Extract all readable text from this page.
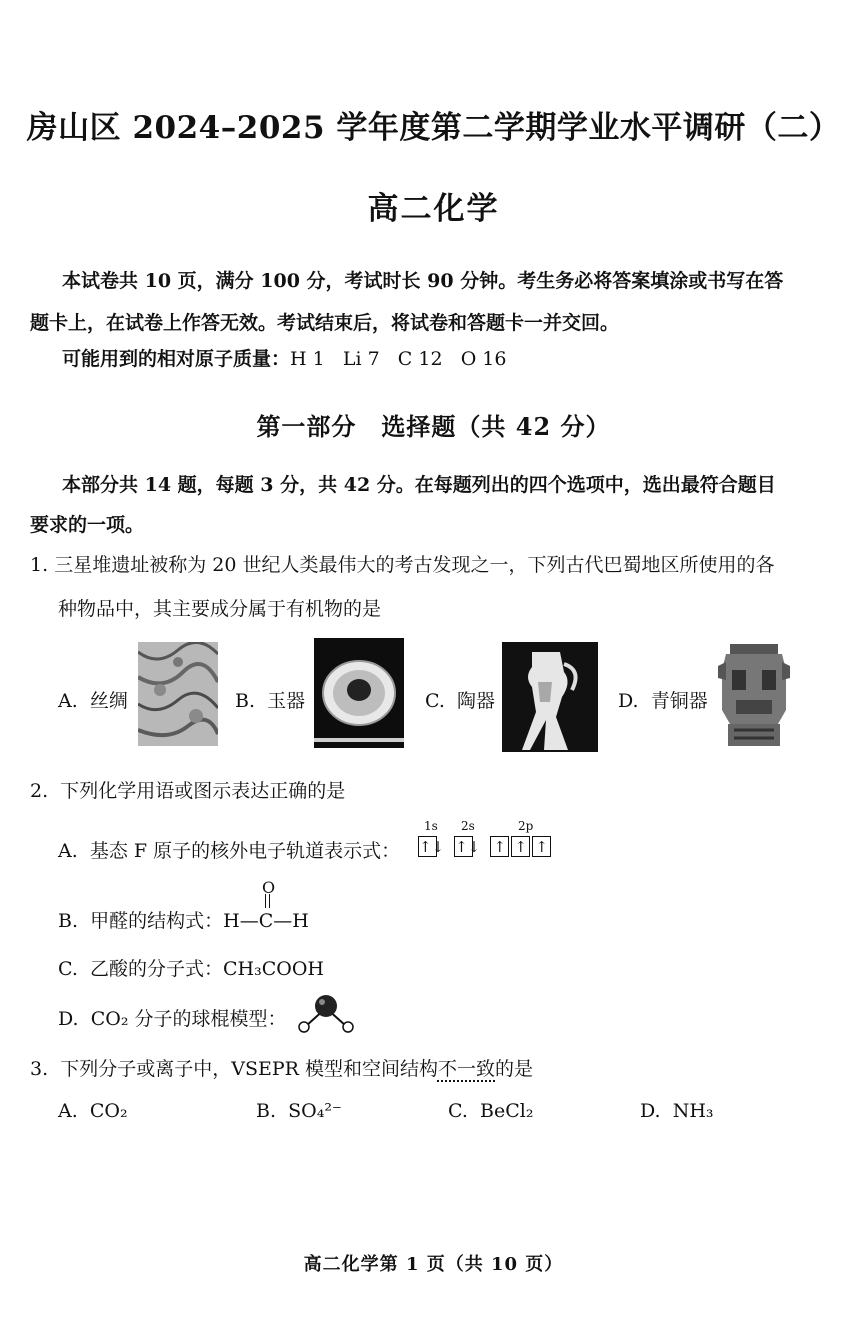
房山区 2024–2025 学年度第二学期学业水平调研（二）
高二化学
本试卷共 10 页，满分 100 分，考试时长 90 分钟。考生务必将答案填涂或书写在答
题卡上，在试卷上作答无效。考试结束后，将试卷和答题卡一并交回。
可能用到的相对原子质量：H 1 Li 7 C 12 O 16
第一部分　选择题（共 42 分）
本部分共 14 题，每题 3 分，共 42 分。在每题列出的四个选项中，选出最符合题目
要求的一项。
1. 三星堆遗址被称为 20 世纪人类最伟大的考古发现之一，下列古代巴蜀地区所使用的各
种物品中，其主要成分属于有机物的是
A. 丝绸	B. 玉器	C. 陶器	D. 青铜器
2. 下列化学用语或图示表达正确的是
A. 基态 F 原子的核外电子轨道表示式：
1s 2s	2p
↑↓ ↑↓ ↑ ↑ ↑
B. 甲醛的结构式：H—C—H
O
C. 乙酸的分子式：CH₃COOH
D. CO₂ 分子的球棍模型：
3. 下列分子或离子中，VSEPR 模型和空间结构不一致的是
A. CO₂	B. SO₄²⁻	C. BeCl₂	D. NH₃
高二化学第 1 页（共 10 页）
